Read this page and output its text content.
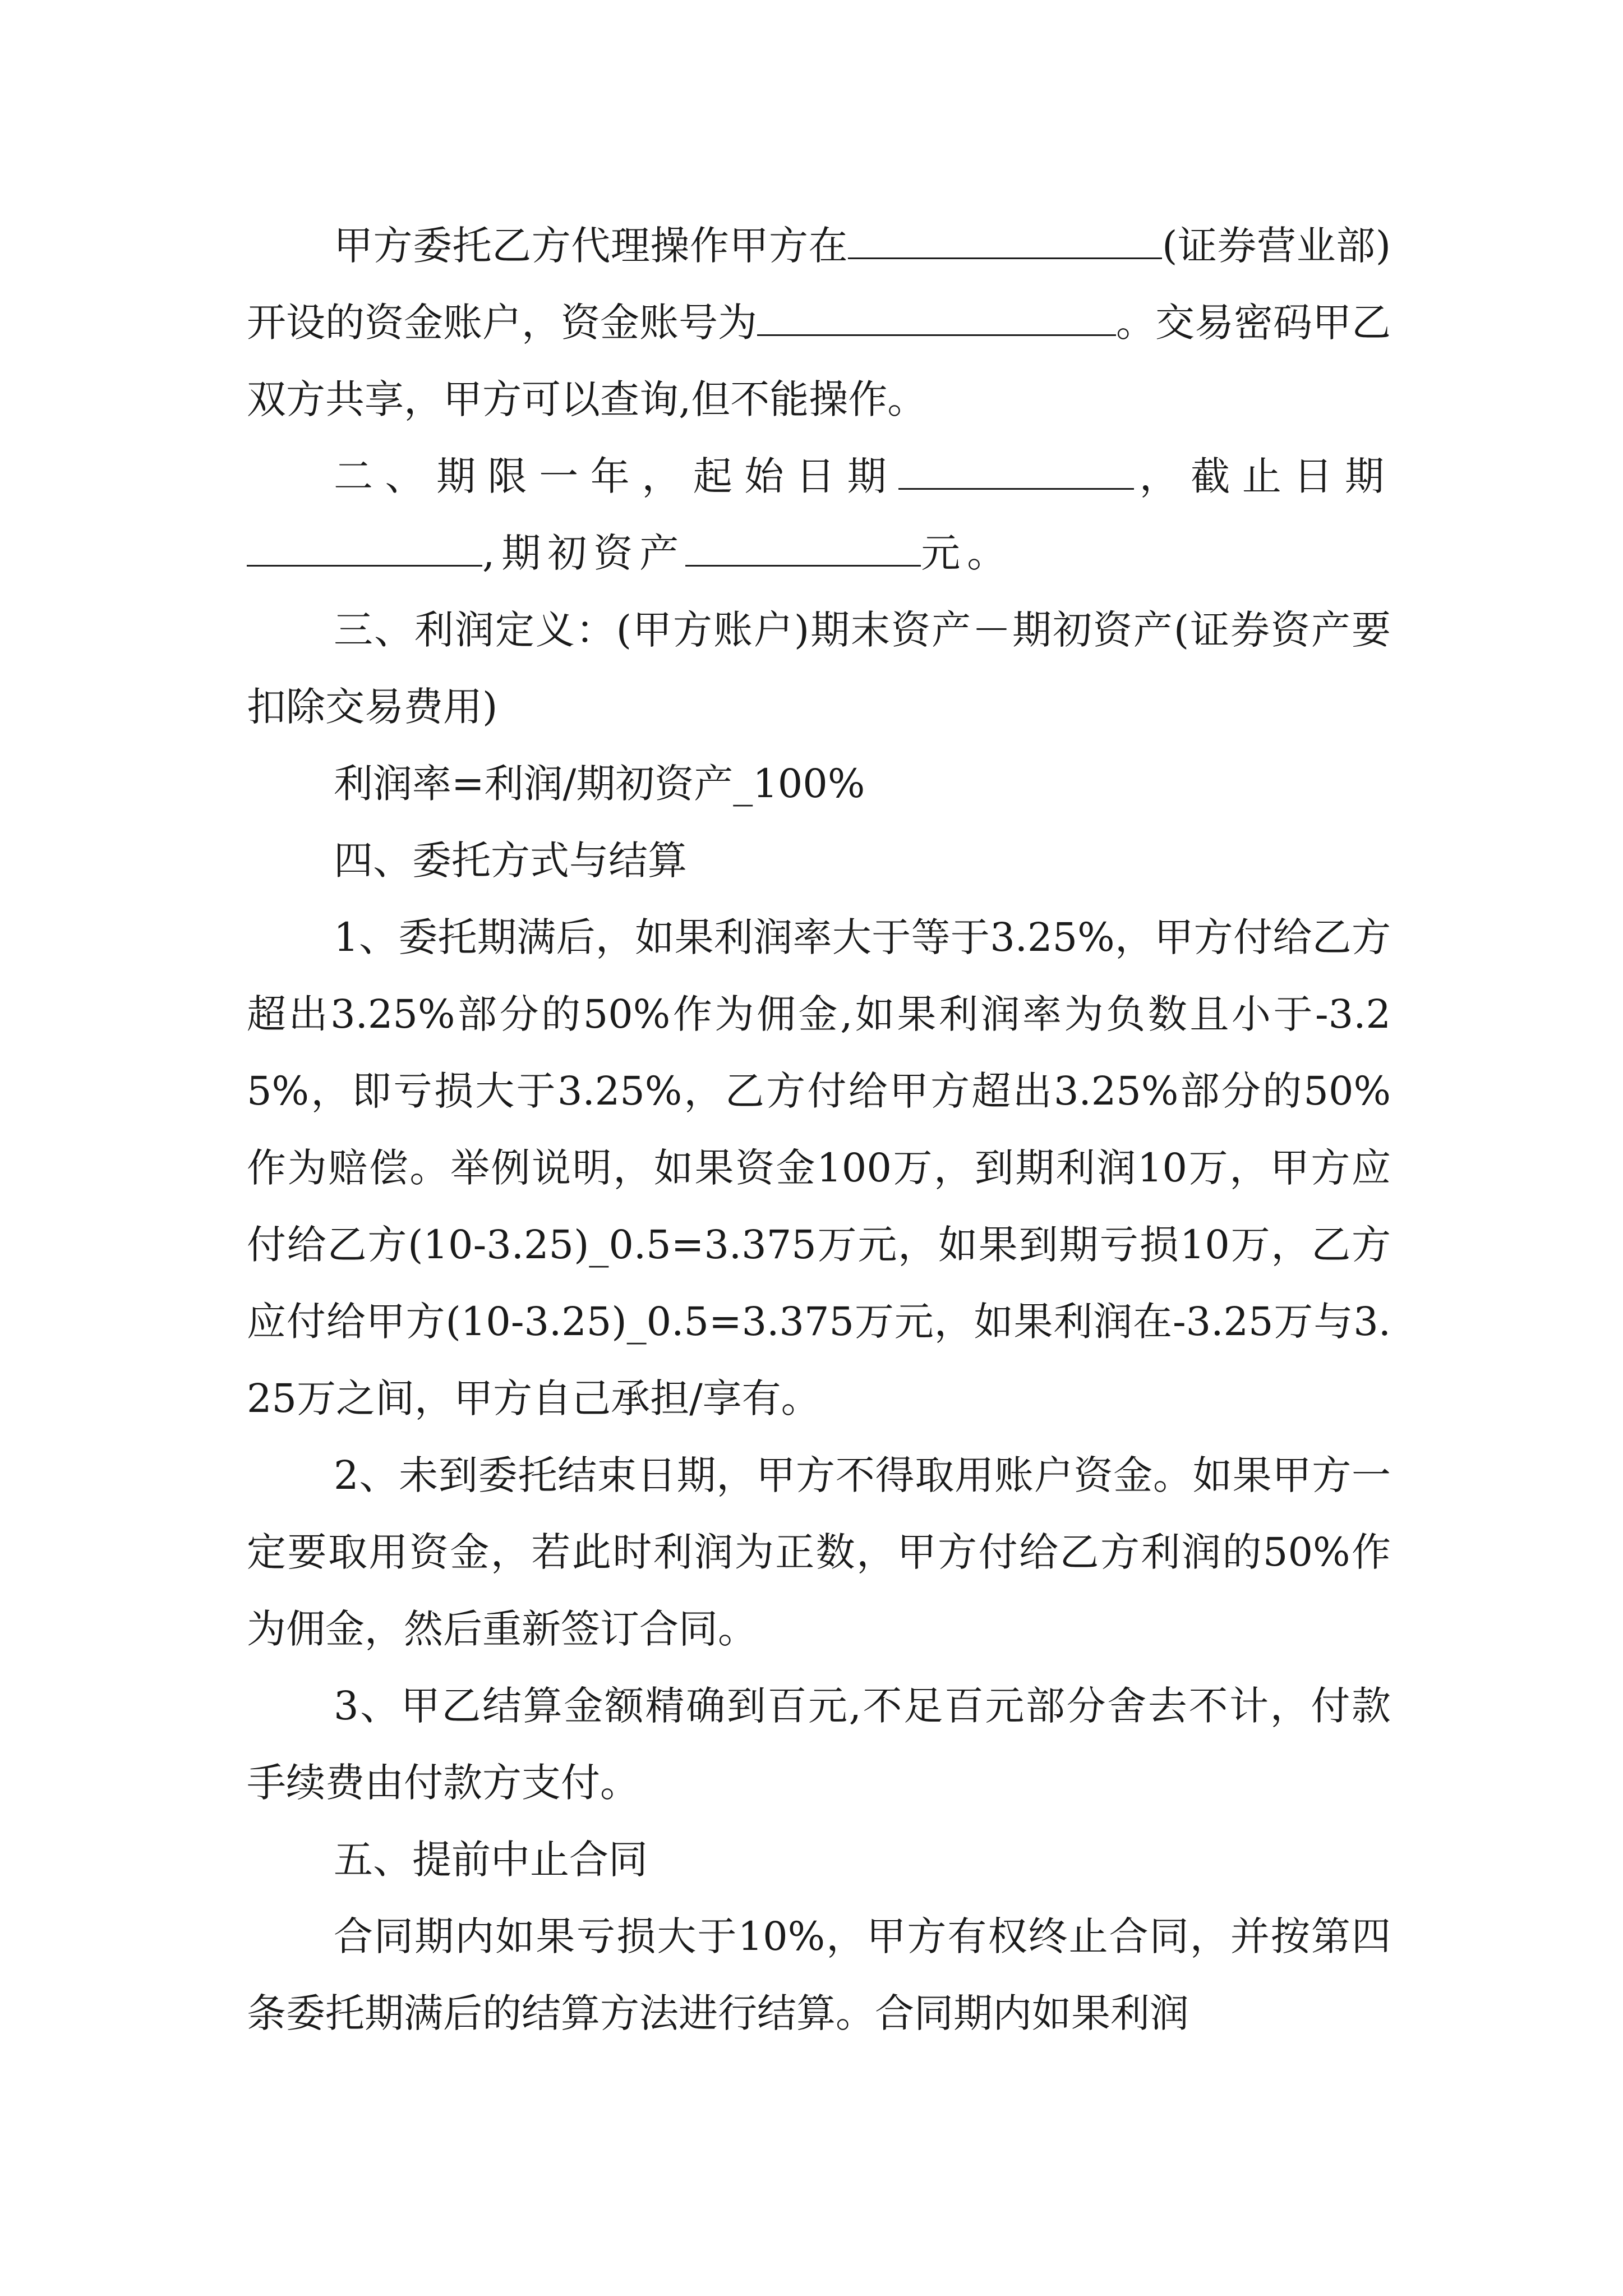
甲方委托乙方代理操作甲方在	(证券营业部)开设的资金账户，资金账号为	。交易密码甲乙双方共享，甲方可以查询,但不能操作。

二、期限一年，起始日期	，截止日期,期初资产	元。

三、利润定义：(甲方账户)期末资产－期初资产(证券资产要扣除交易费用)

利润率=利润/期初资产_100%

四、委托方式与结算

1、委托期满后，如果利润率大于等于3.25%，甲方付给乙方超出3.25%部分的50%作为佣金,如果利润率为负数且小于-3.25%，即亏损大于3.25%，乙方付给甲方超出3.25%部分的50%作为赔偿。举例说明，如果资金100万，到期利润10万，甲方应付给乙方(10-3.25)_0.5=3.375万元，如果到期亏损10万，乙方应付给甲方(10-3.25)_0.5=3.375万元，如果利润在-3.25万与3.25万之间，甲方自己承担/享有。

2、未到委托结束日期，甲方不得取用账户资金。如果甲方一定要取用资金，若此时利润为正数，甲方付给乙方利润的50%作为佣金，然后重新签订合同。

3、甲乙结算金额精确到百元,不足百元部分舍去不计，付款手续费由付款方支付。

五、提前中止合同

合同期内如果亏损大于10%，甲方有权终止合同，并按第四条委托期满后的结算方法进行结算。合同期内如果利润
